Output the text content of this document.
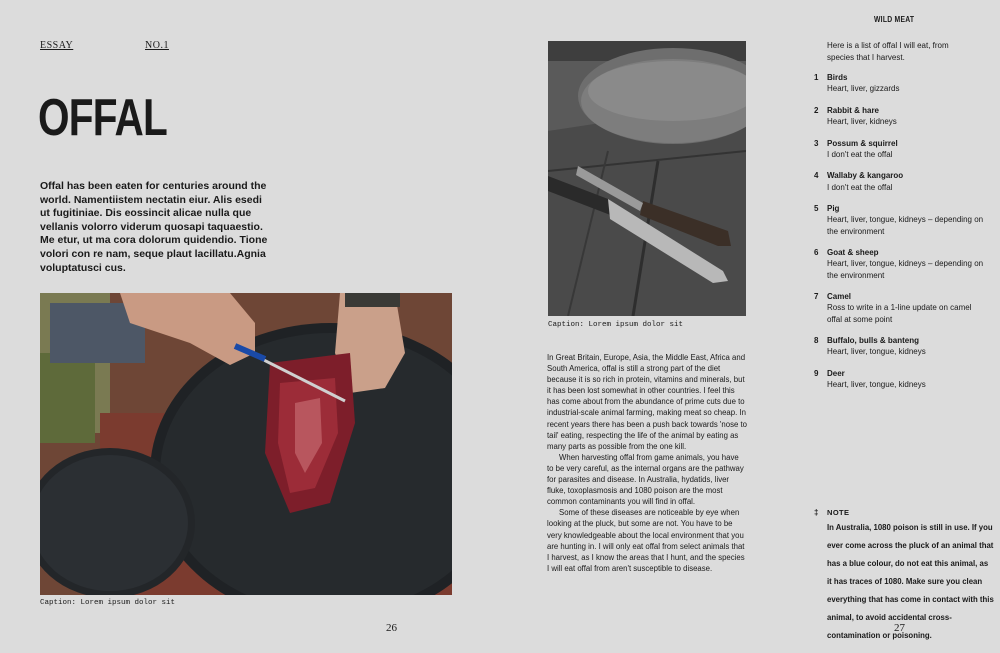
ESSAY	NO.1
OFFAL

Offal has been eaten for centuries around the world. Namentiistem nectatin eiur. Alis esedi ut fugitiniae. Dis eossincit alicae nulla que vellanis volorro viderum quosapi taquaestio. Me etur, ut ma cora dolorum quidendio. Tione volori con re nam, seque plaut lacillatu.Agnia voluptatusci cus.

Caption: Lorem ipsum dolor sit
26
Caption: Lorem ipsum dolor sit

In Great Britain, Europe, Asia, the Middle East, Africa and South America, offal is still a strong part of the diet because it is so rich in protein, vitamins and minerals, but it has been lost somewhat in other countries. I feel this has come about from the abundance of prime cuts due to industrial-scale animal farming, making meat so cheap. In recent years there has been a push back towards 'nose to tail' eating, respecting the life of the animal by eating as many parts as possible from the one kill.

When harvesting offal from game animals, you have to be very careful, as the internal organs are the pathway for parasites and disease. In Australia, hydatids, liver fluke, toxoplasmosis and 1080 poison are the most common contaminants you will find in offal.

Some of these diseases are noticeable by eye when looking at the pluck, but some are not. You have to be very knowledgeable about the local environment that you are hunting in. I will only eat offal from select animals that I harvest, as I know the areas that I hunt, and the species I will eat offal from aren't susceptible to disease.

WILD MEAT

Here is a list of offal I will eat, from species that I harvest.

1	Birds
Heart, liver, gizzards
2	Rabbit & hare
Heart, liver, kidneys
3	Possum & squirrel
I don't eat the offal
4	Wallaby & kangaroo
I don't eat the offal
5	Pig
Heart, liver, tongue, kidneys – depending on the environment
6	Goat & sheep
Heart, liver, tongue, kidneys – depending on the environment
7	Camel
Ross to write in a 1-line update on camel offal at some point
8	Buffalo, bulls & banteng
Heart, liver, tongue, kidneys
9	Deer
Heart, liver, tongue, kidneys
‡	NOTE
In Australia, 1080 poison is still in use. If you ever come across the pluck of an animal that has a blue colour, do not eat this animal, as it has traces of 1080. Make sure you clean everything that has come in contact with this animal, to avoid accidental cross-contamination or poisoning.
27
